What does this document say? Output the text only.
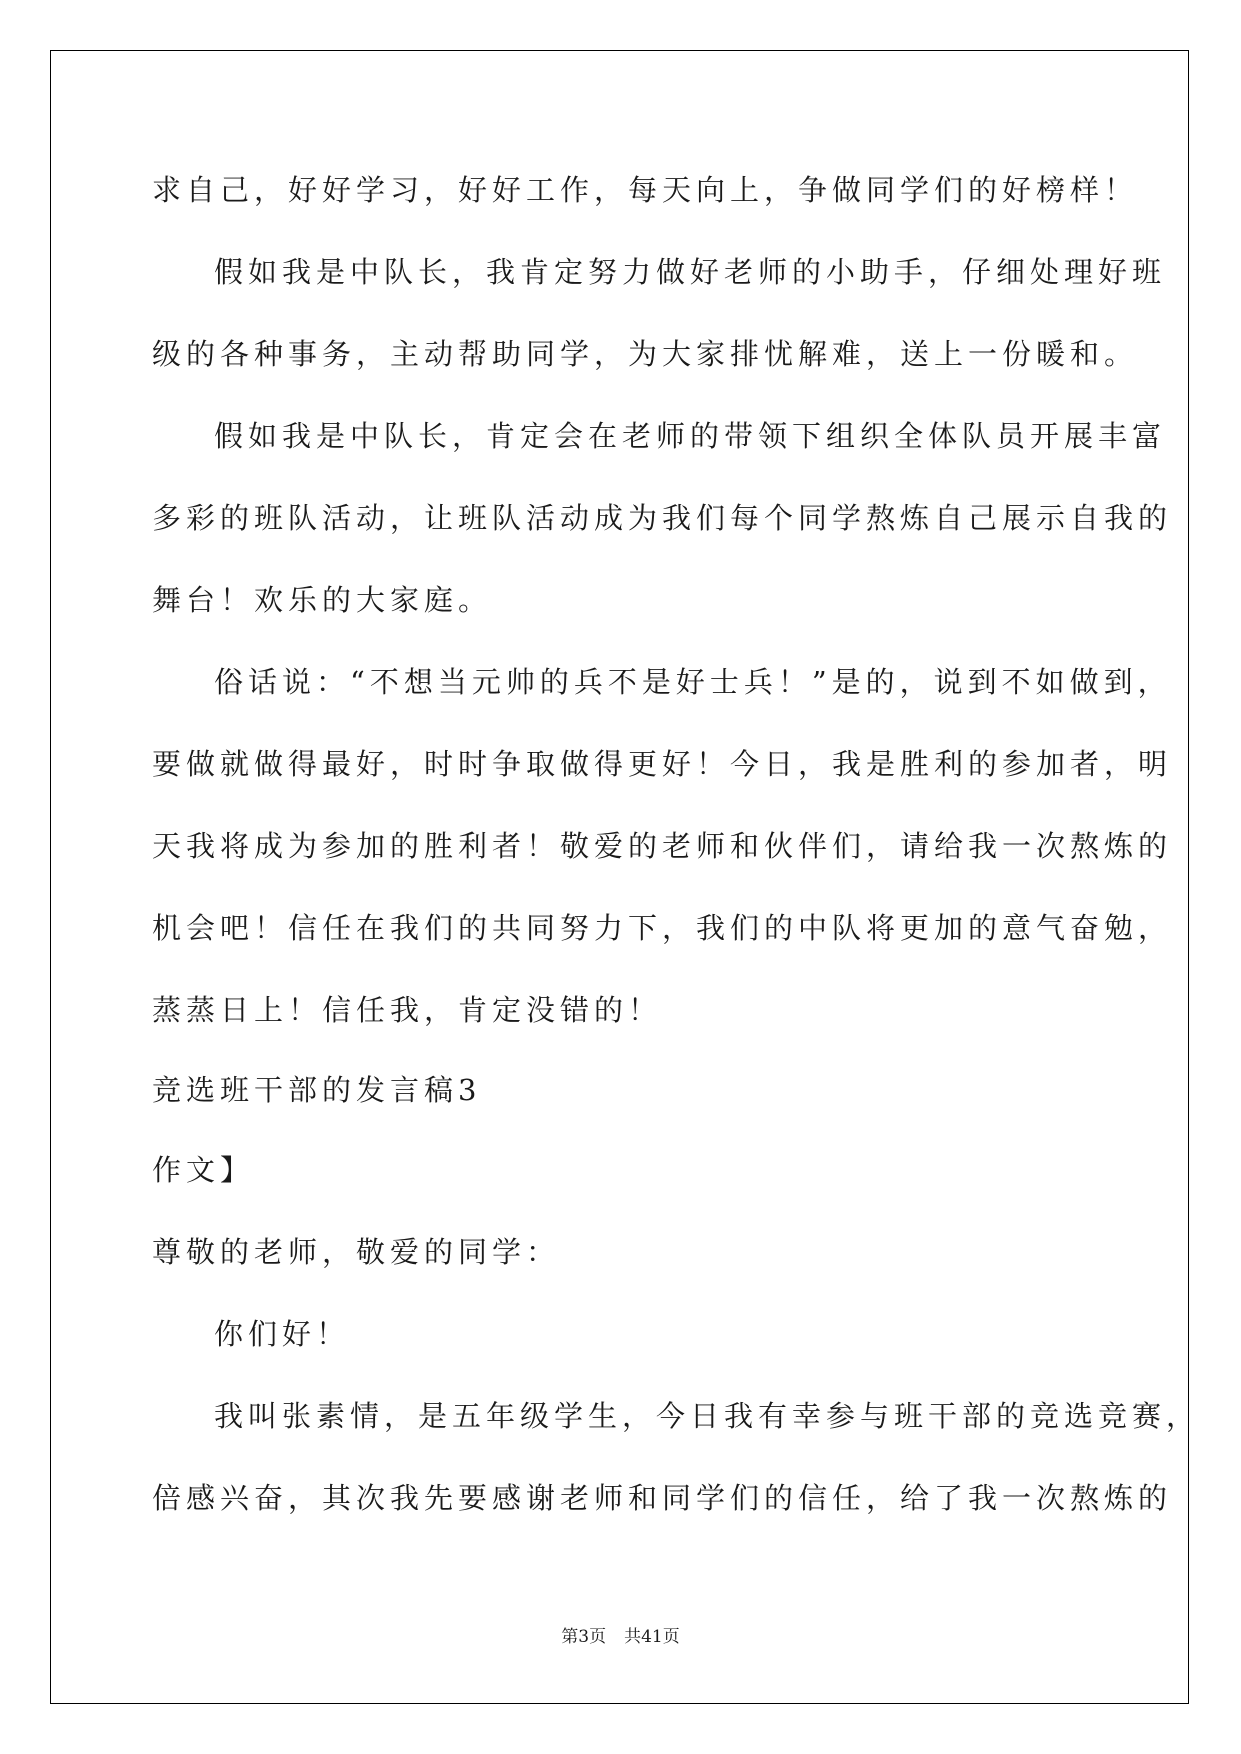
求自己，好好学习，好好工作，每天向上，争做同学们的好榜样！
假如我是中队长，我肯定努力做好老师的小助手，仔细处理好班
级的各种事务，主动帮助同学，为大家排忧解难，送上一份暖和。
假如我是中队长，肯定会在老师的带领下组织全体队员开展丰富
多彩的班队活动，让班队活动成为我们每个同学熬炼自己展示自我的
舞台！欢乐的大家庭。
俗话说：“不想当元帅的兵不是好士兵！”是的，说到不如做到，
要做就做得最好，时时争取做得更好！今日，我是胜利的参加者，明
天我将成为参加的胜利者！敬爱的老师和伙伴们，请给我一次熬炼的
机会吧！信任在我们的共同努力下，我们的中队将更加的意气奋勉，
蒸蒸日上！信任我，肯定没错的！
竞选班干部的发言稿3
作文】
尊敬的老师，敬爱的同学：
你们好！
我叫张素情，是五年级学生，今日我有幸参与班干部的竞选竞赛，
倍感兴奋，其次我先要感谢老师和同学们的信任，给了我一次熬炼的
第3页 共41页
